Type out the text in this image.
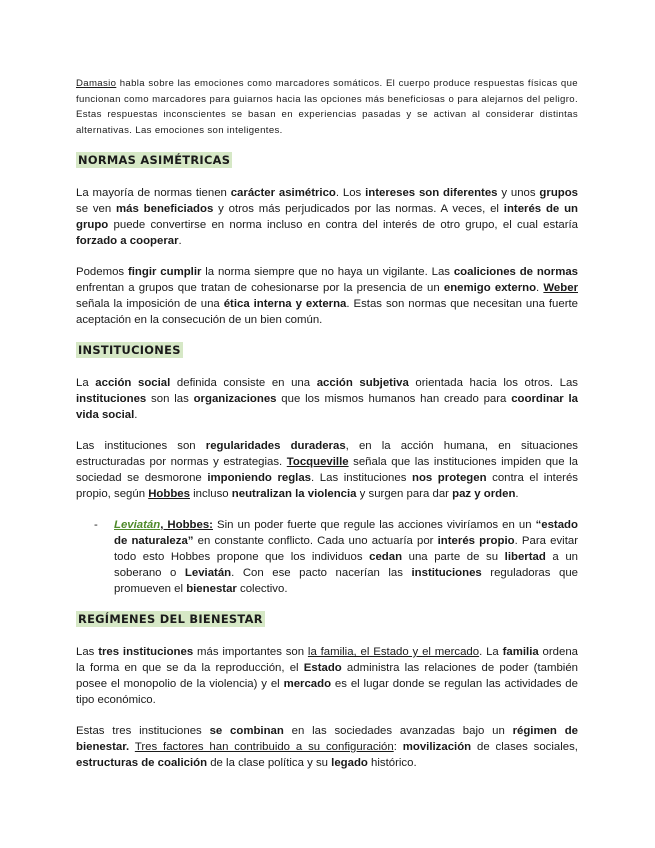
Damasio habla sobre las emociones como marcadores somáticos. El cuerpo produce respuestas físicas que funcionan como marcadores para guiarnos hacia las opciones más beneficiosas o para alejarnos del peligro. Estas respuestas inconscientes se basan en experiencias pasadas y se activan al considerar distintas alternativas. Las emociones son inteligentes.

NORMAS ASIMÉTRICAS

La mayoría de normas tienen carácter asimétrico. Los intereses son diferentes y unos grupos se ven más beneficiados y otros más perjudicados por las normas. A veces, el interés de un grupo puede convertirse en norma incluso en contra del interés de otro grupo, el cual estaría forzado a cooperar.

Podemos fingir cumplir la norma siempre que no haya un vigilante. Las coaliciones de normas enfrentan a grupos que tratan de cohesionarse por la presencia de un enemigo externo. Weber señala la imposición de una ética interna y externa. Estas son normas que necesitan una fuerte aceptación en la consecución de un bien común.

INSTITUCIONES

La acción social definida consiste en una acción subjetiva orientada hacia los otros. Las instituciones son las organizaciones que los mismos humanos han creado para coordinar la vida social.

Las instituciones son regularidades duraderas, en la acción humana, en situaciones estructuradas por normas y estrategias. Tocqueville señala que las instituciones impiden que la sociedad se desmorone imponiendo reglas. Las instituciones nos protegen contra el interés propio, según Hobbes incluso neutralizan la violencia y surgen para dar paz y orden.

- Leviatán, Hobbes: Sin un poder fuerte que regule las acciones viviríamos en un “estado de naturaleza” en constante conflicto. Cada uno actuaría por interés propio. Para evitar todo esto Hobbes propone que los individuos cedan una parte de su libertad a un soberano o Leviatán. Con ese pacto nacerían las instituciones reguladoras que promueven el bienestar colectivo.

REGÍMENES DEL BIENESTAR

Las tres instituciones más importantes son la familia, el Estado y el mercado. La familia ordena la forma en que se da la reproducción, el Estado administra las relaciones de poder (también posee el monopolio de la violencia) y el mercado es el lugar donde se regulan las actividades de tipo económico.

Estas tres instituciones se combinan en las sociedades avanzadas bajo un régimen de bienestar. Tres factores han contribuido a su configuración: movilización de clases sociales, estructuras de coalición de la clase política y su legado histórico.
